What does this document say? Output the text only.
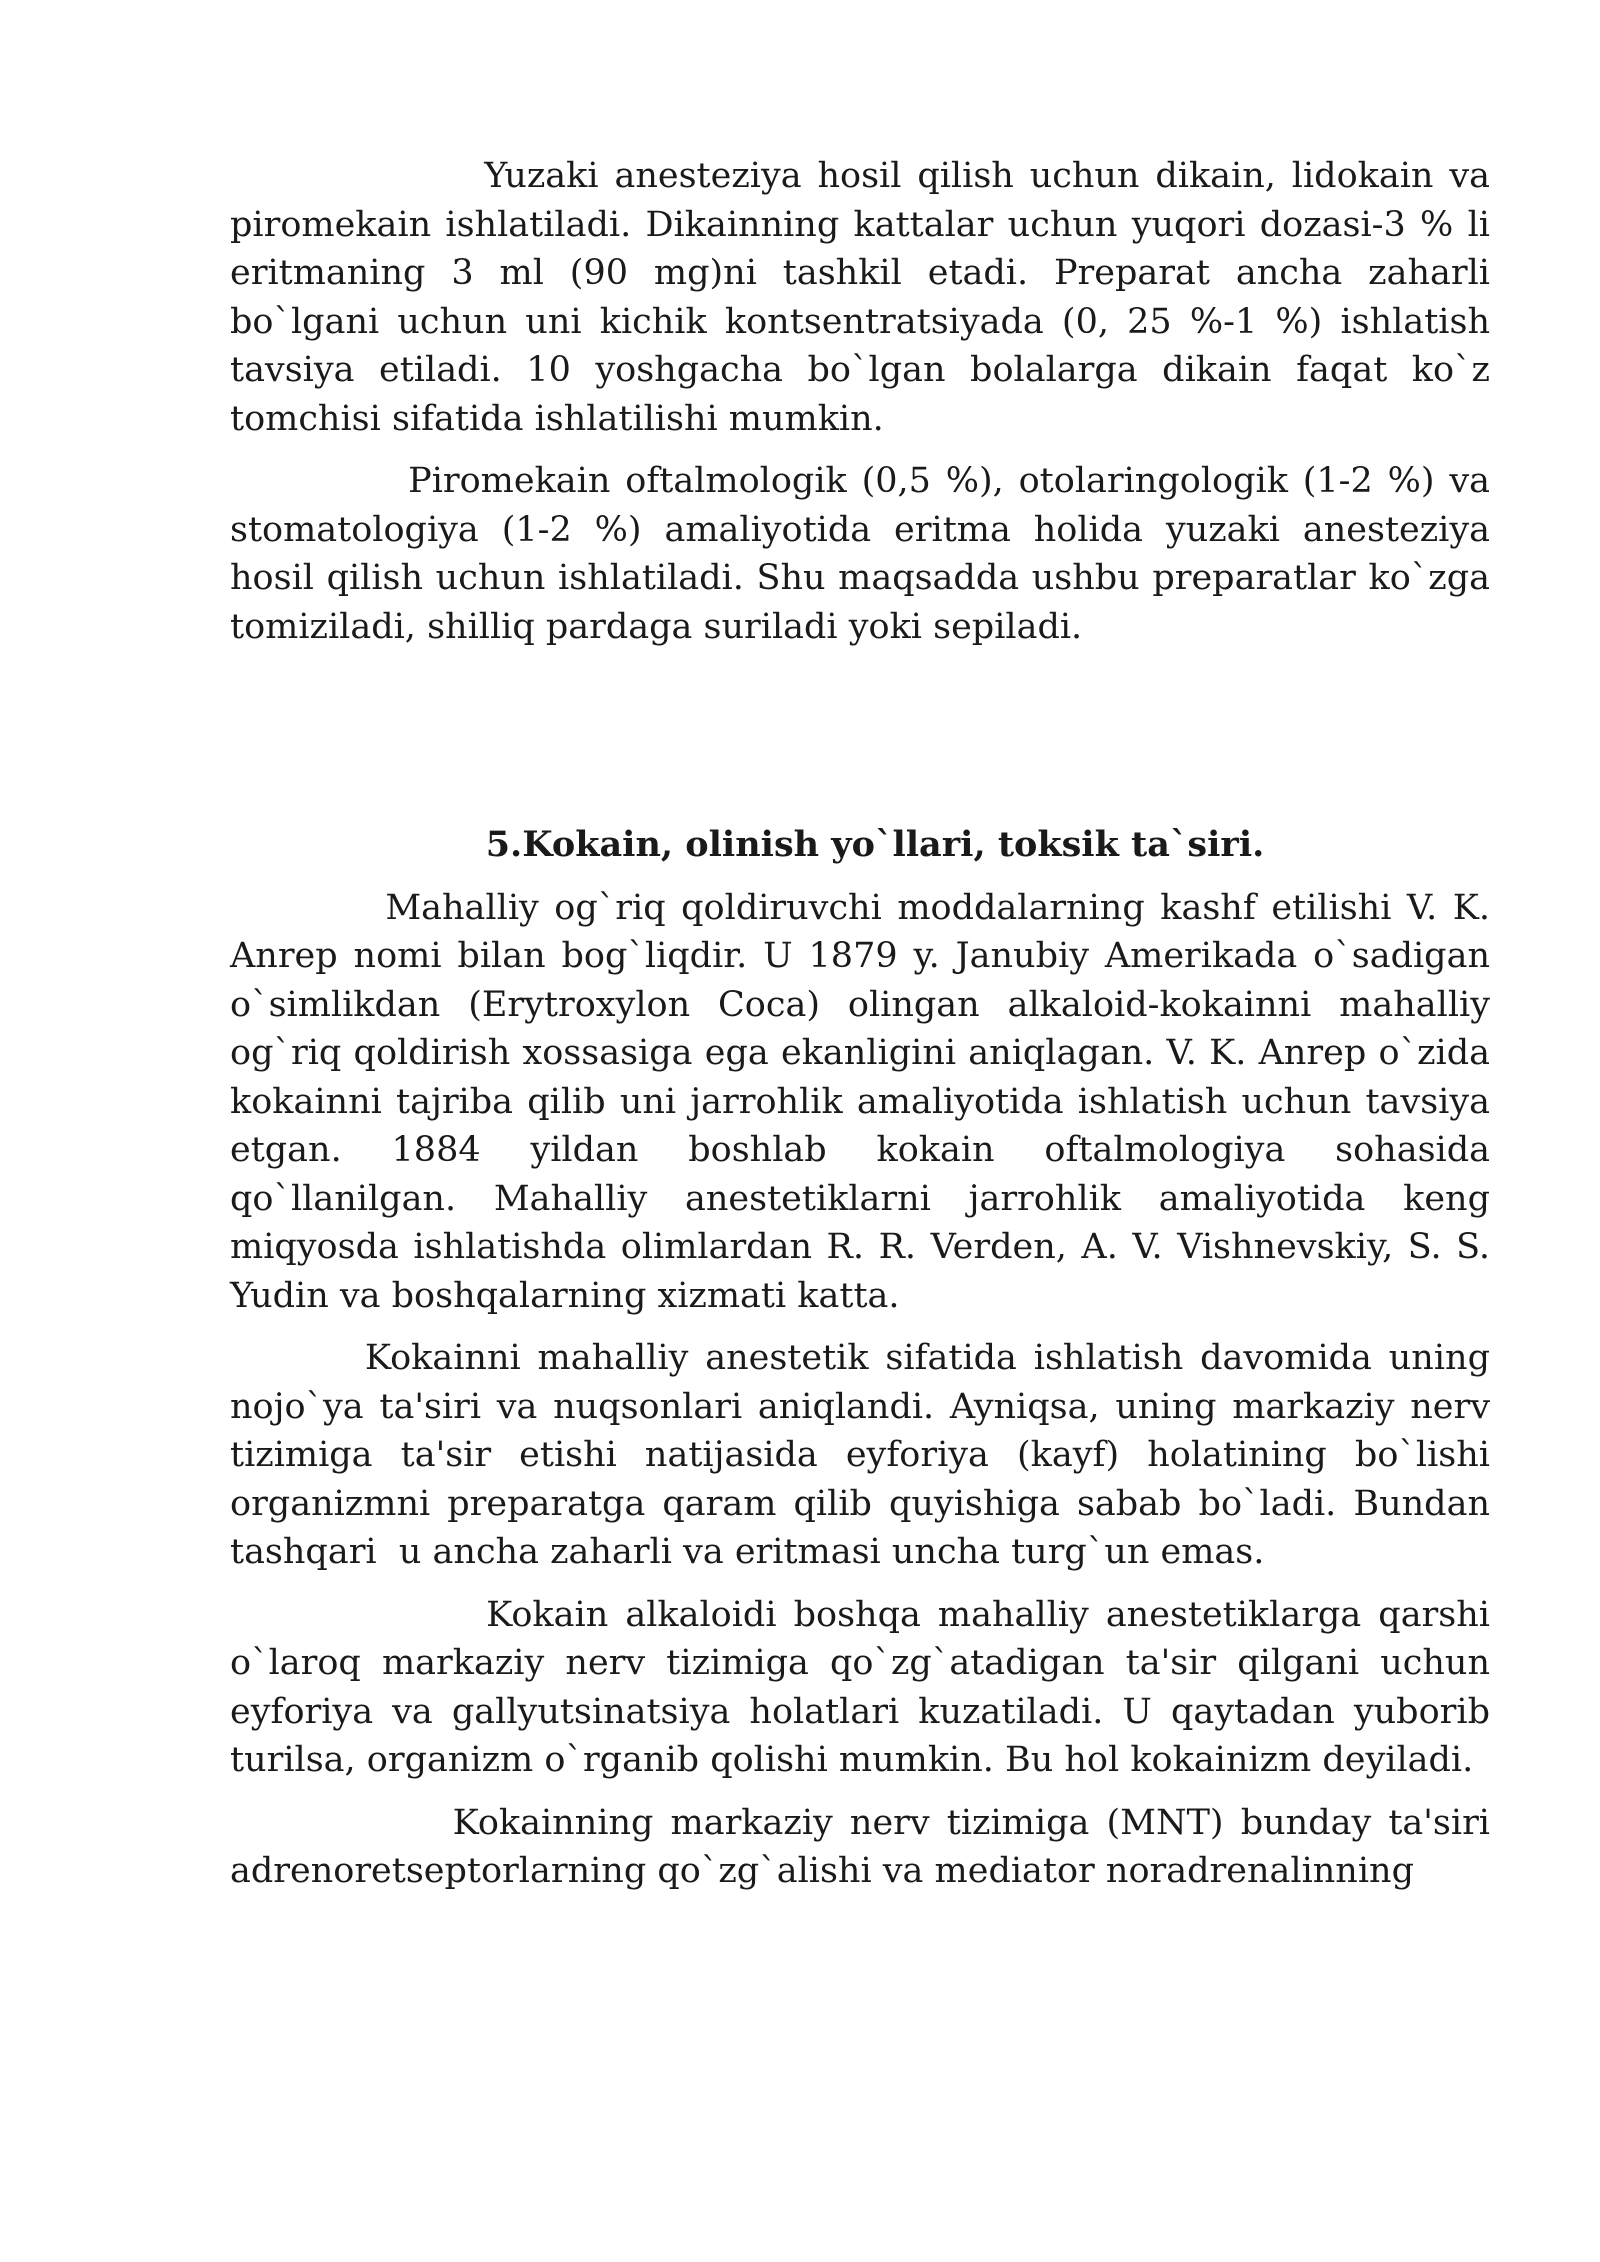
Yuzaki anesteziya hosil qilish uchun dikain, lidokain va piromekain ishlatiladi. Dikainning kattalar uchun yuqori dozasi-3 % li eritmaning 3 ml (90 mg)ni tashkil etadi. Preparat ancha zaharli bo`lgani uchun uni kichik kontsentratsiyada (0, 25 %-1 %) ishlatish tavsiya etiladi. 10 yoshgacha bo`lgan bolalarga dikain faqat ko`z tomchisi sifatida ishlatilishi mumkin.

Piromekain oftalmologik (0,5 %), otolaringologik (1-2 %) va stomatologiya (1-2 %) amaliyotida eritma holida yuzaki anesteziya hosil qilish uchun ishlatiladi. Shu maqsadda ushbu preparatlar ko`zga tomiziladi, shilliq pardaga suriladi yoki sepiladi.

5.Kokain, olinish yo`llari, toksik ta`siri.

Mahalliy og`riq qoldiruvchi moddalarning kashf etilishi V. K. Anrep nomi bilan bog`liqdir. U 1879 y. Janubiy Amerikada o`sadigan o`simlikdan (Erytroxylon Coca) olingan alkaloid-kokainni mahalliy og`riq qoldirish xossasiga ega ekanligini aniqlagan. V. K. Anrep o`zida kokainni tajriba qilib uni jarrohlik amaliyotida ishlatish uchun tavsiya etgan. 1884 yildan boshlab kokain oftalmologiya sohasida qo`llanilgan. Mahalliy anestetiklarni jarrohlik amaliyotida keng miqyosda ishlatishda olimlardan R. R. Verden, A. V. Vishnevskiy, S. S. Yudin va boshqalarning xizmati katta.

Kokainni mahalliy anestetik sifatida ishlatish davomida uning nojo`ya ta'siri va nuqsonlari aniqlandi. Ayniqsa, uning markaziy nerv tizimiga ta'sir etishi natijasida eyforiya (kayf) holatining bo`lishi organizmni preparatga qaram qilib quyishiga sabab bo`ladi. Bundan tashqari  u ancha zaharli va eritmasi uncha turg`un emas.

Kokain alkaloidi boshqa mahalliy anestetiklarga qarshi o`laroq markaziy nerv tizimiga qo`zg`atadigan ta'sir qilgani uchun eyforiya va gallyutsinatsiya holatlari kuzatiladi. U qaytadan yuborib turilsa, organizm o`rganib qolishi mumkin. Bu hol kokainizm deyiladi.

Kokainning markaziy nerv tizimiga (MNT) bunday ta'siri adrenoretseptorlarning qo`zg`alishi va mediator noradrenalinning
